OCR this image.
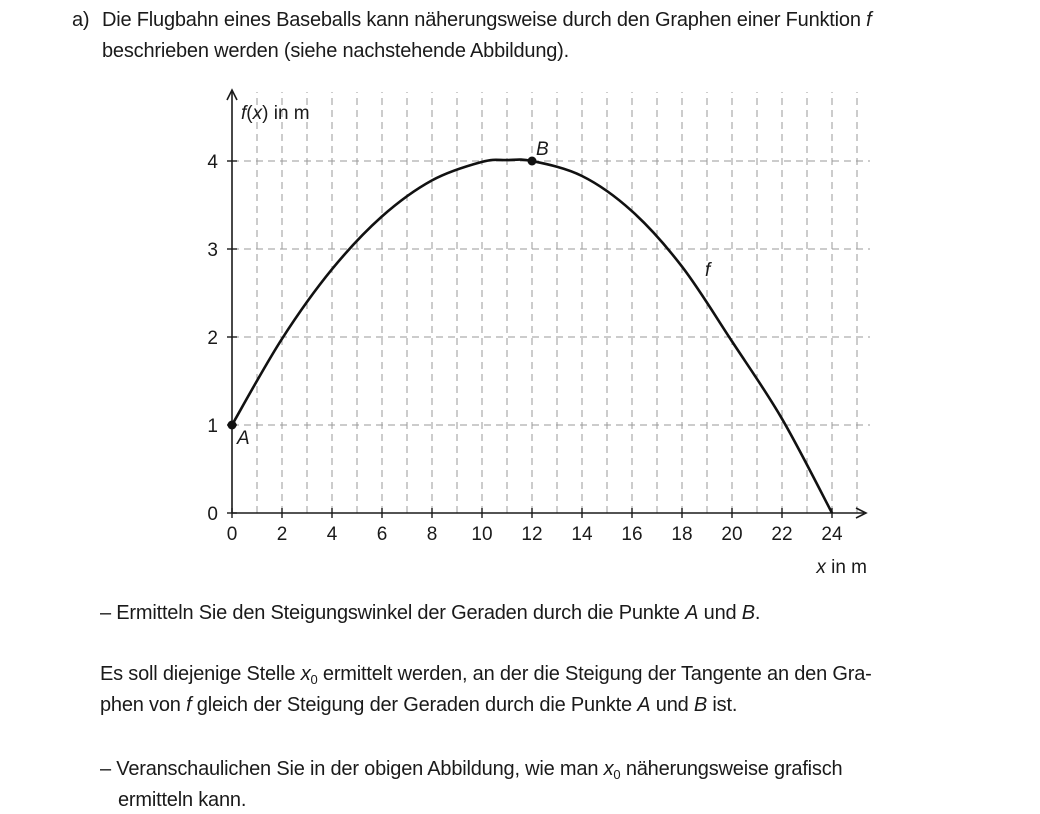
a) Die Flugbahn eines Baseballs kann näherungsweise durch den Graphen einer Funktion f
beschrieben werden (siehe nachstehende Abbildung).
0 2 4 6 8 10 12 14 16 18 20 22 24
0
1
2
3
4
A
B
f
f(x) in m
x in m
– Ermitteln Sie den Steigungswinkel der Geraden durch die Punkte A und B.
Es soll diejenige Stelle $x_0$ ermittelt werden, an der die Steigung der Tangente an den Gra-
phen von f gleich der Steigung der Geraden durch die Punkte A und B ist.
– Veranschaulichen Sie in der obigen Abbildung, wie man $x_0$ näherungsweise grafisch
ermitteln kann.
